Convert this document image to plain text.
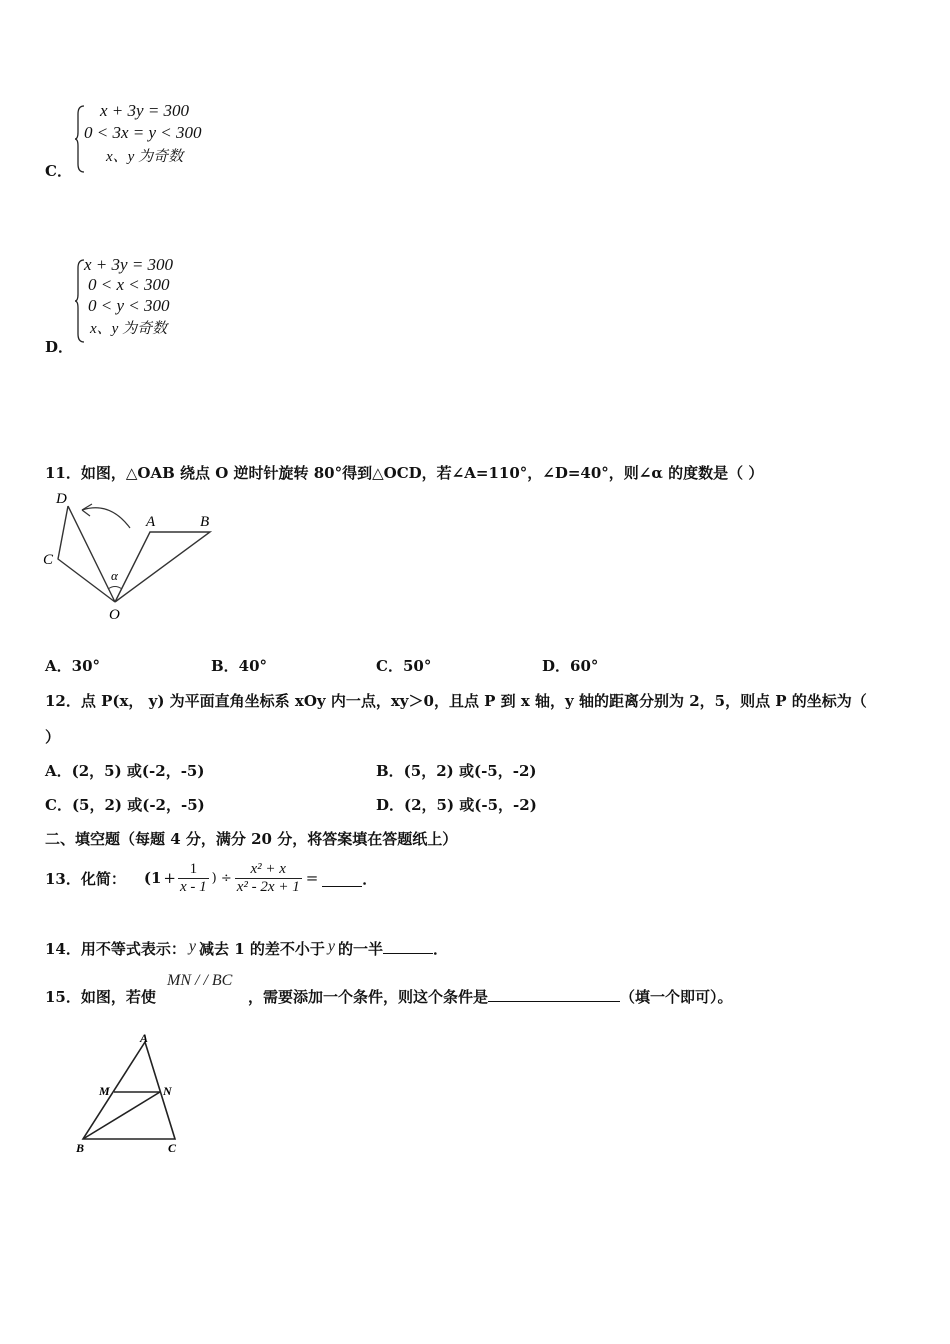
C．
x + 3y = 300
0 < 3x = y < 300
x、y 为奇数
D．
x + 3y = 300
0 < x < 300
0 < y < 300
x、y 为奇数
11．如图，△OAB 绕点 O 逆时针旋转 80°得到△OCD，若∠A=110°，∠D=40°，则∠α 的度数是（ ）
D
A	B
C
α
O
A．30°	B．40°	C．50°	D．60°
12．点 P(x， y) 为平面直角坐标系 xOy 内一点，xy＞0，且点 P 到 x 轴，y 轴的距离分别为 2，5，则点 P 的坐标为（
）
A．(2，5) 或(-2，-5)	B．(5，2) 或(-5，-2)
C．(5，2) 或(-2，-5)	D．(2，5) 或(-5，-2)
二、填空题（每题 4 分，满分 20 分，将答案填在答题纸上）
13．化简： ($1 + \frac{1}{x - 1}$ ) ÷ $\frac{\text{x² + x}}{\text{x² - 2x + 1}}$ =	．
14．用不等式表示： y 减去 1 的差不小于 y 的一半	．
15．如图，若使
MN / / BC
，需要添加一个条件，则这个条件是	（填一个即可）。
A
M	N
B	C
